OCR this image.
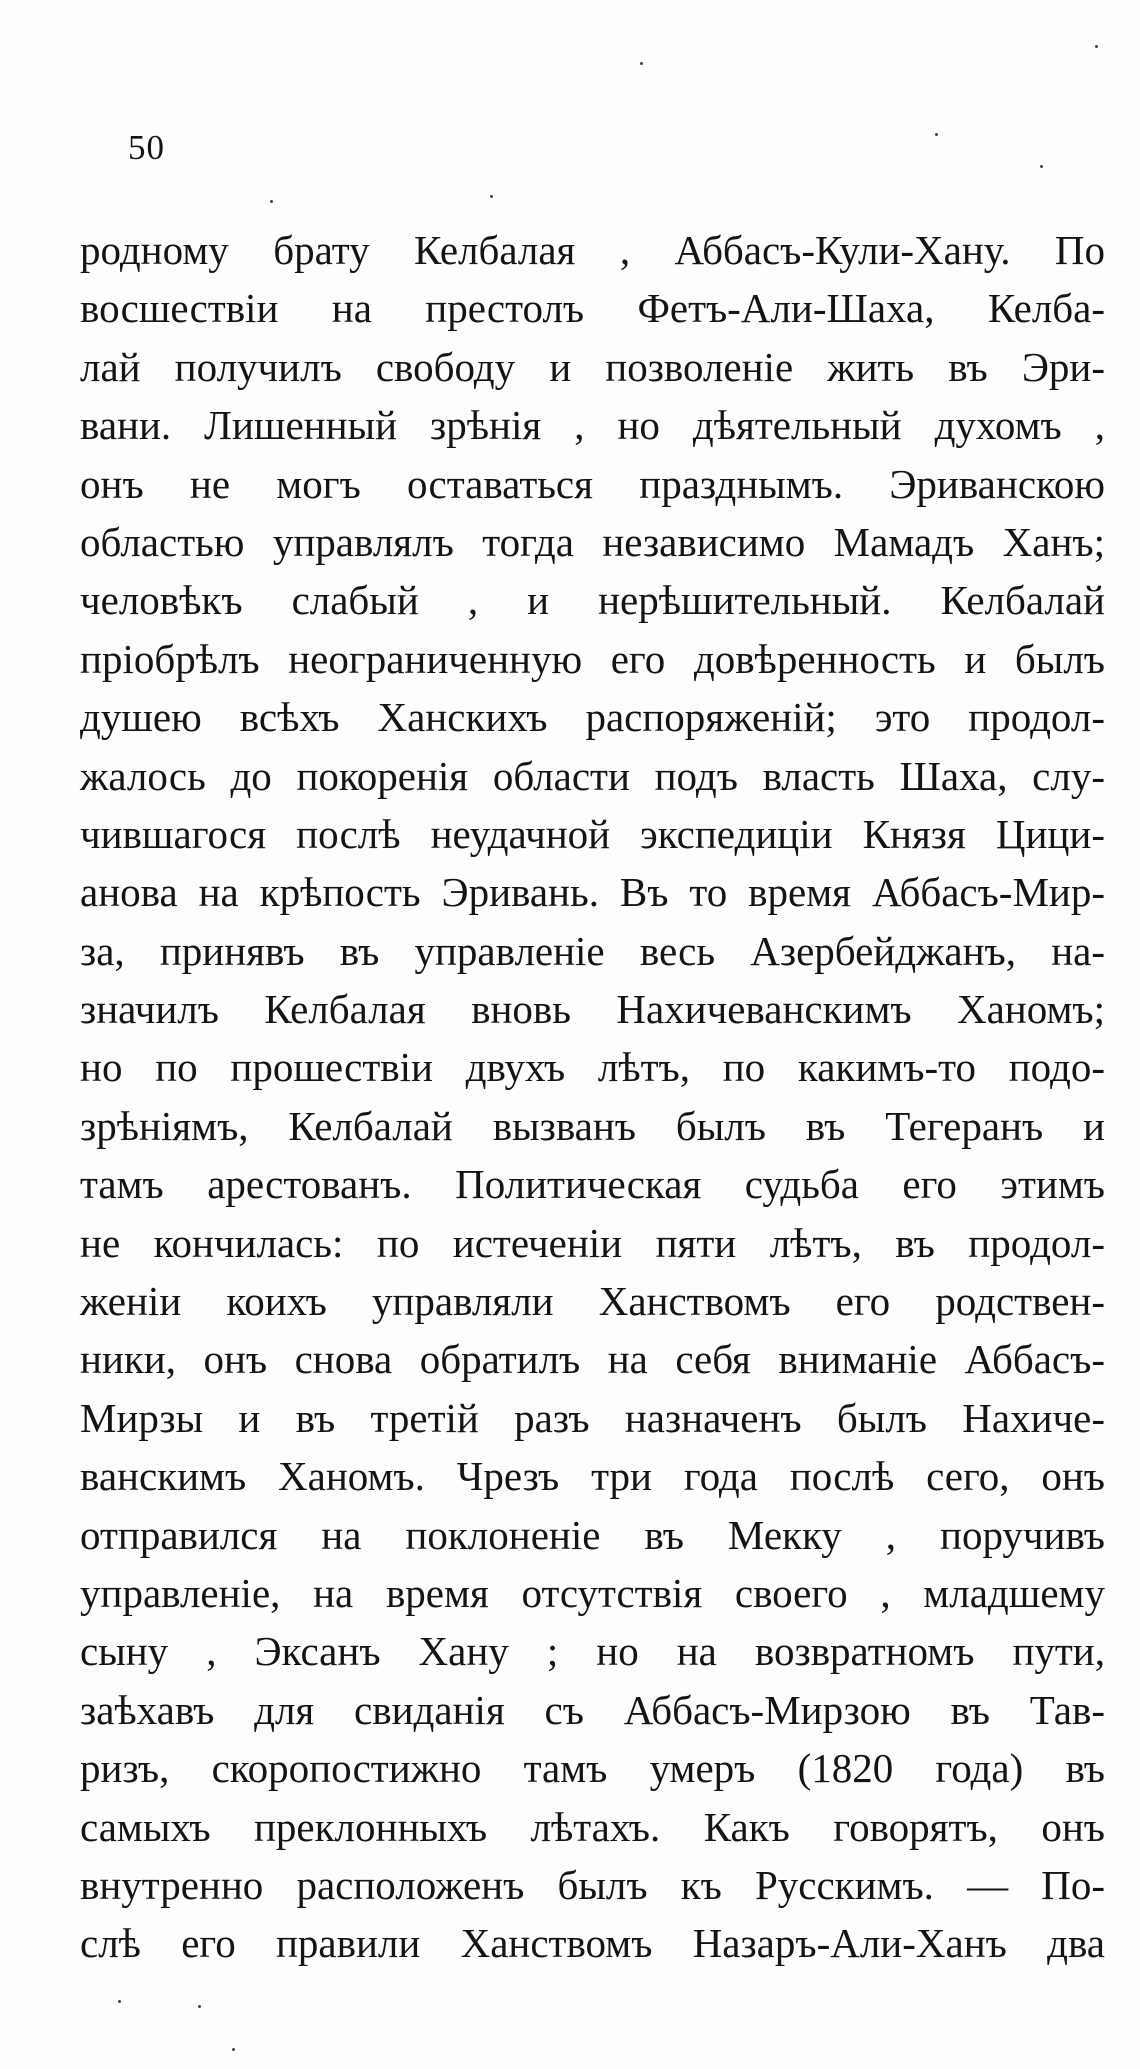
50
родному брату Келбалая , Аббасъ-Кули-Хану. По
восшествіи на престолъ Фетъ-Али-Шаха, Келба-
лай получилъ свободу и позволеніе жить въ Эри-
вани. Лишенный зрѣнія , но дѣятельный духомъ ,
онъ не могъ оставаться празднымъ. Эриванскою
областью управлялъ тогда независимо Мамадъ Ханъ;
человѣкъ слабый , и нерѣшительный. Келбалай
пріобрѣлъ неограниченную его довѣренность и былъ
душею всѣхъ Ханскихъ распоряженій; это продол-
жалось до покоренія области подъ власть Шаха, слу-
чившагося послѣ неудачной экспедиціи Князя Цици-
анова на крѣпость Эривань. Въ то время Аббасъ-Мир-
за, принявъ въ управленіе весь Азербейджанъ, на-
значилъ Келбалая вновь Нахичеванскимъ Ханомъ;
но по прошествіи двухъ лѣтъ, по какимъ-то подо-
зрѣніямъ, Келбалай вызванъ былъ въ Тегеранъ и
тамъ арестованъ. Политическая судьба его этимъ
не кончилась: по истеченіи пяти лѣтъ, въ продол-
женіи коихъ управляли Ханствомъ его родствен-
ники, онъ снова обратилъ на себя вниманіе Аббасъ-
Мирзы и въ третій разъ назначенъ былъ Нахиче-
ванскимъ Ханомъ. Чрезъ три года послѣ сего, онъ
отправился на поклоненіе въ Мекку , поручивъ
управленіе, на время отсутствія своего , младшему
сыну , Эксанъ Хану ; но на возвратномъ пути,
заѣхавъ для свиданія съ Аббасъ-Мирзою въ Тав-
ризъ, скоропостижно тамъ умеръ (1820 года) въ
самыхъ преклонныхъ лѣтахъ. Какъ говорятъ, онъ
внутренно расположенъ былъ къ Русскимъ. — По-
слѣ его правили Ханствомъ Назаръ-Али-Ханъ два
